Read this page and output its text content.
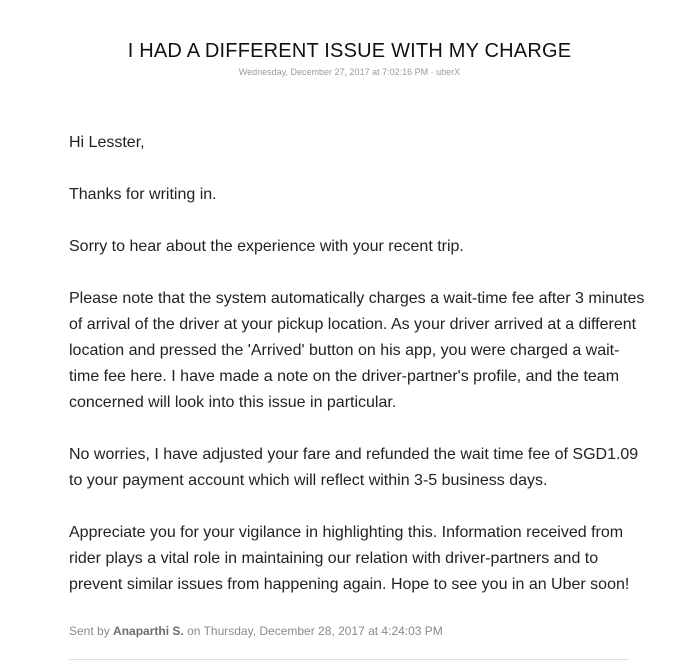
I HAD A DIFFERENT ISSUE WITH MY CHARGE
Wednesday, December 27, 2017 at 7:02:16 PM · uberX

Hi Lesster,

Thanks for writing in.

Sorry to hear about the experience with your recent trip.

Please note that the system automatically charges a wait-time fee after 3 minutes of arrival of the driver at your pickup location. As your driver arrived at a different location and pressed the 'Arrived' button on his app, you were charged a wait-time fee here. I have made a note on the driver-partner's profile, and the team concerned will look into this issue in particular.

No worries, I have adjusted your fare and refunded the wait time fee of SGD1.09 to your payment account which will reflect within 3-5 business days.

Appreciate you for your vigilance in highlighting this. Information received from rider plays a vital role in maintaining our relation with driver-partners and to prevent similar issues from happening again. Hope to see you in an Uber soon!

Sent by Anaparthi S. on Thursday, December 28, 2017 at 4:24:03 PM
